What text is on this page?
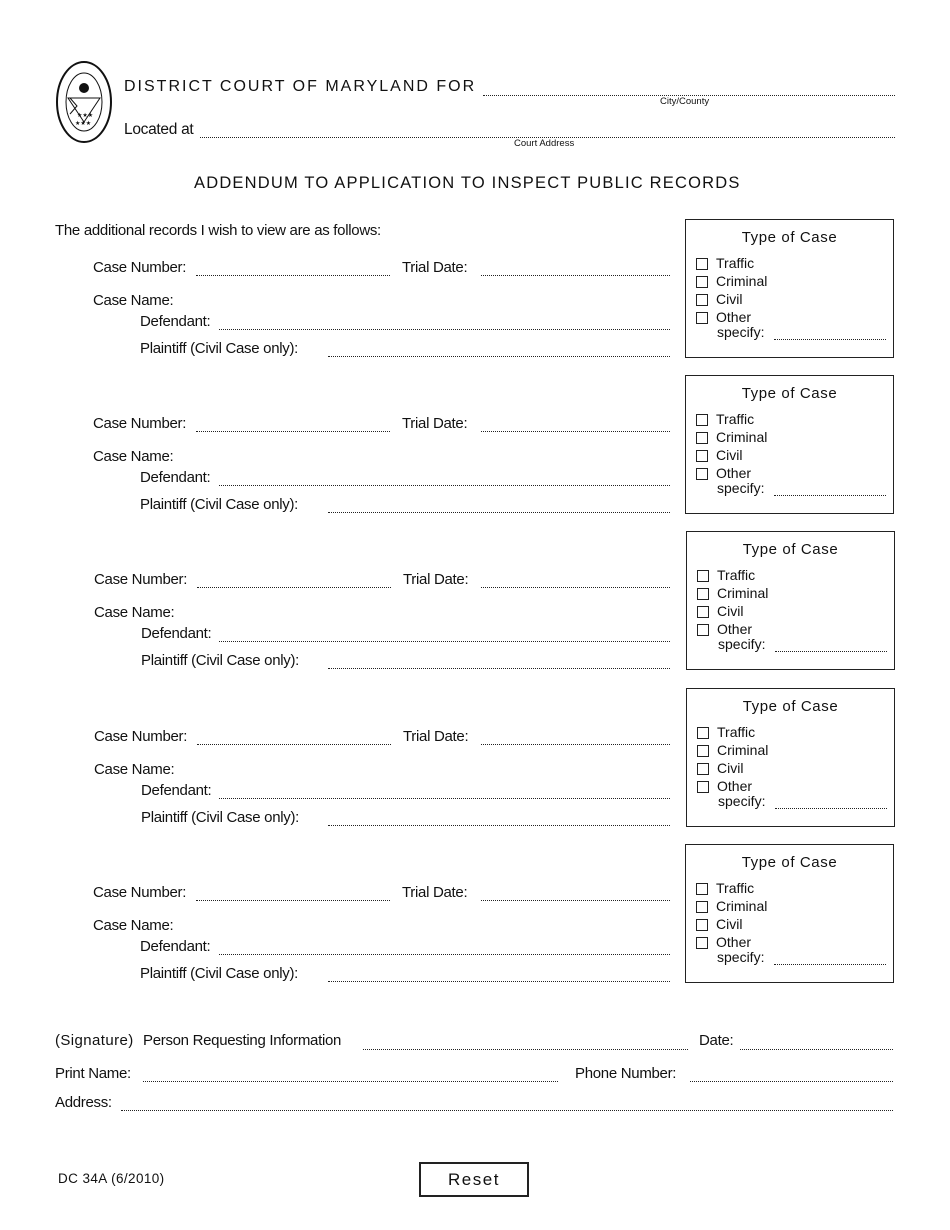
★★★
★★★
DISTRICT COURT OF MARYLAND FOR
City/County
Located at
Court Address
ADDENDUM TO APPLICATION TO INSPECT PUBLIC RECORDS
The additional records I wish to view are as follows:
Case Number:	Trial Date:
Case Name:
Defendant:
Plaintiff (Civil Case only):
Type of Case
Traffic
Criminal
Civil
Other
specify:
Case Number:	Trial Date:
Case Name:
Defendant:
Plaintiff (Civil Case only):
Type of Case
Traffic
Criminal
Civil
Other
specify:
Case Number:	Trial Date:
Case Name:
Defendant:
Plaintiff (Civil Case only):
Type of Case
Traffic
Criminal
Civil
Other
specify:
Case Number:	Trial Date:
Case Name:
Defendant:
Plaintiff (Civil Case only):
Type of Case
Traffic
Criminal
Civil
Other
specify:
Case Number:	Trial Date:
Case Name:
Defendant:
Plaintiff (Civil Case only):
Type of Case
Traffic
Criminal
Civil
Other
specify:
(Signature) Person Requesting Information	Date:
Print Name:	Phone Number:
Address:
DC 34A (6/2010)	Reset
